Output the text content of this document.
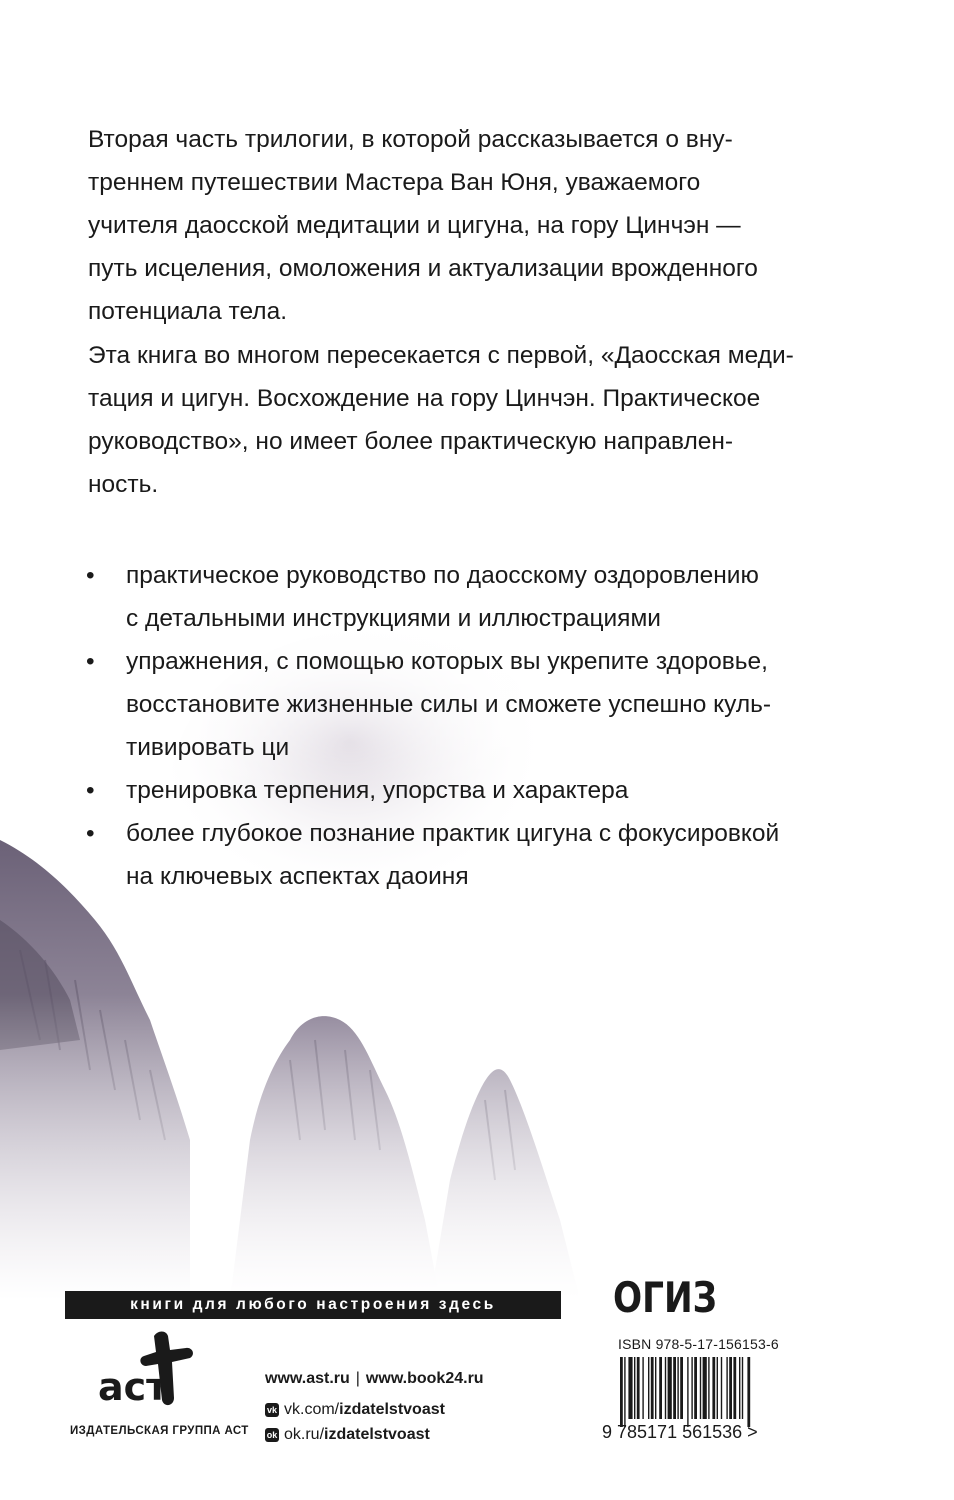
Вторая часть трилогии, в которой рассказывается о вну-

треннем путешествии Мастера Ван Юня, уважаемого

учителя даосской медитации и цигуна, на гору Цинчэн —

путь исцеления, омоложения и актуализации врожденного

потенциала тела.

Эта книга во многом пересекается с первой, «Даосская меди-

тация и цигун. Восхождение на гору Цинчэн. Практическое

руководство», но имеет более практическую направлен-

ность.

• практическое руководство по даосскому оздоровлению
с детальными инструкциями и иллюстрациями
• упражнения, с помощью которых вы укрепите здоровье,
восстановите жизненные силы и сможете успешно куль-
тивировать ци
• тренировка терпения, упорства и характера
• более глубокое познание практик цигуна с фокусировкой
на ключевых аспектах даоиня
книги для любого настроения здесь
аст
ИЗДАТЕЛЬСКАЯ ГРУППА АСТ
www.ast.ru | www.book24.ru
vk vk.com/ izdatelstvoast
ok ok.ru/ izdatelstvoast
ОГИЗ
ISBN 978-5-17-156153-6
9 785171 561536 >
